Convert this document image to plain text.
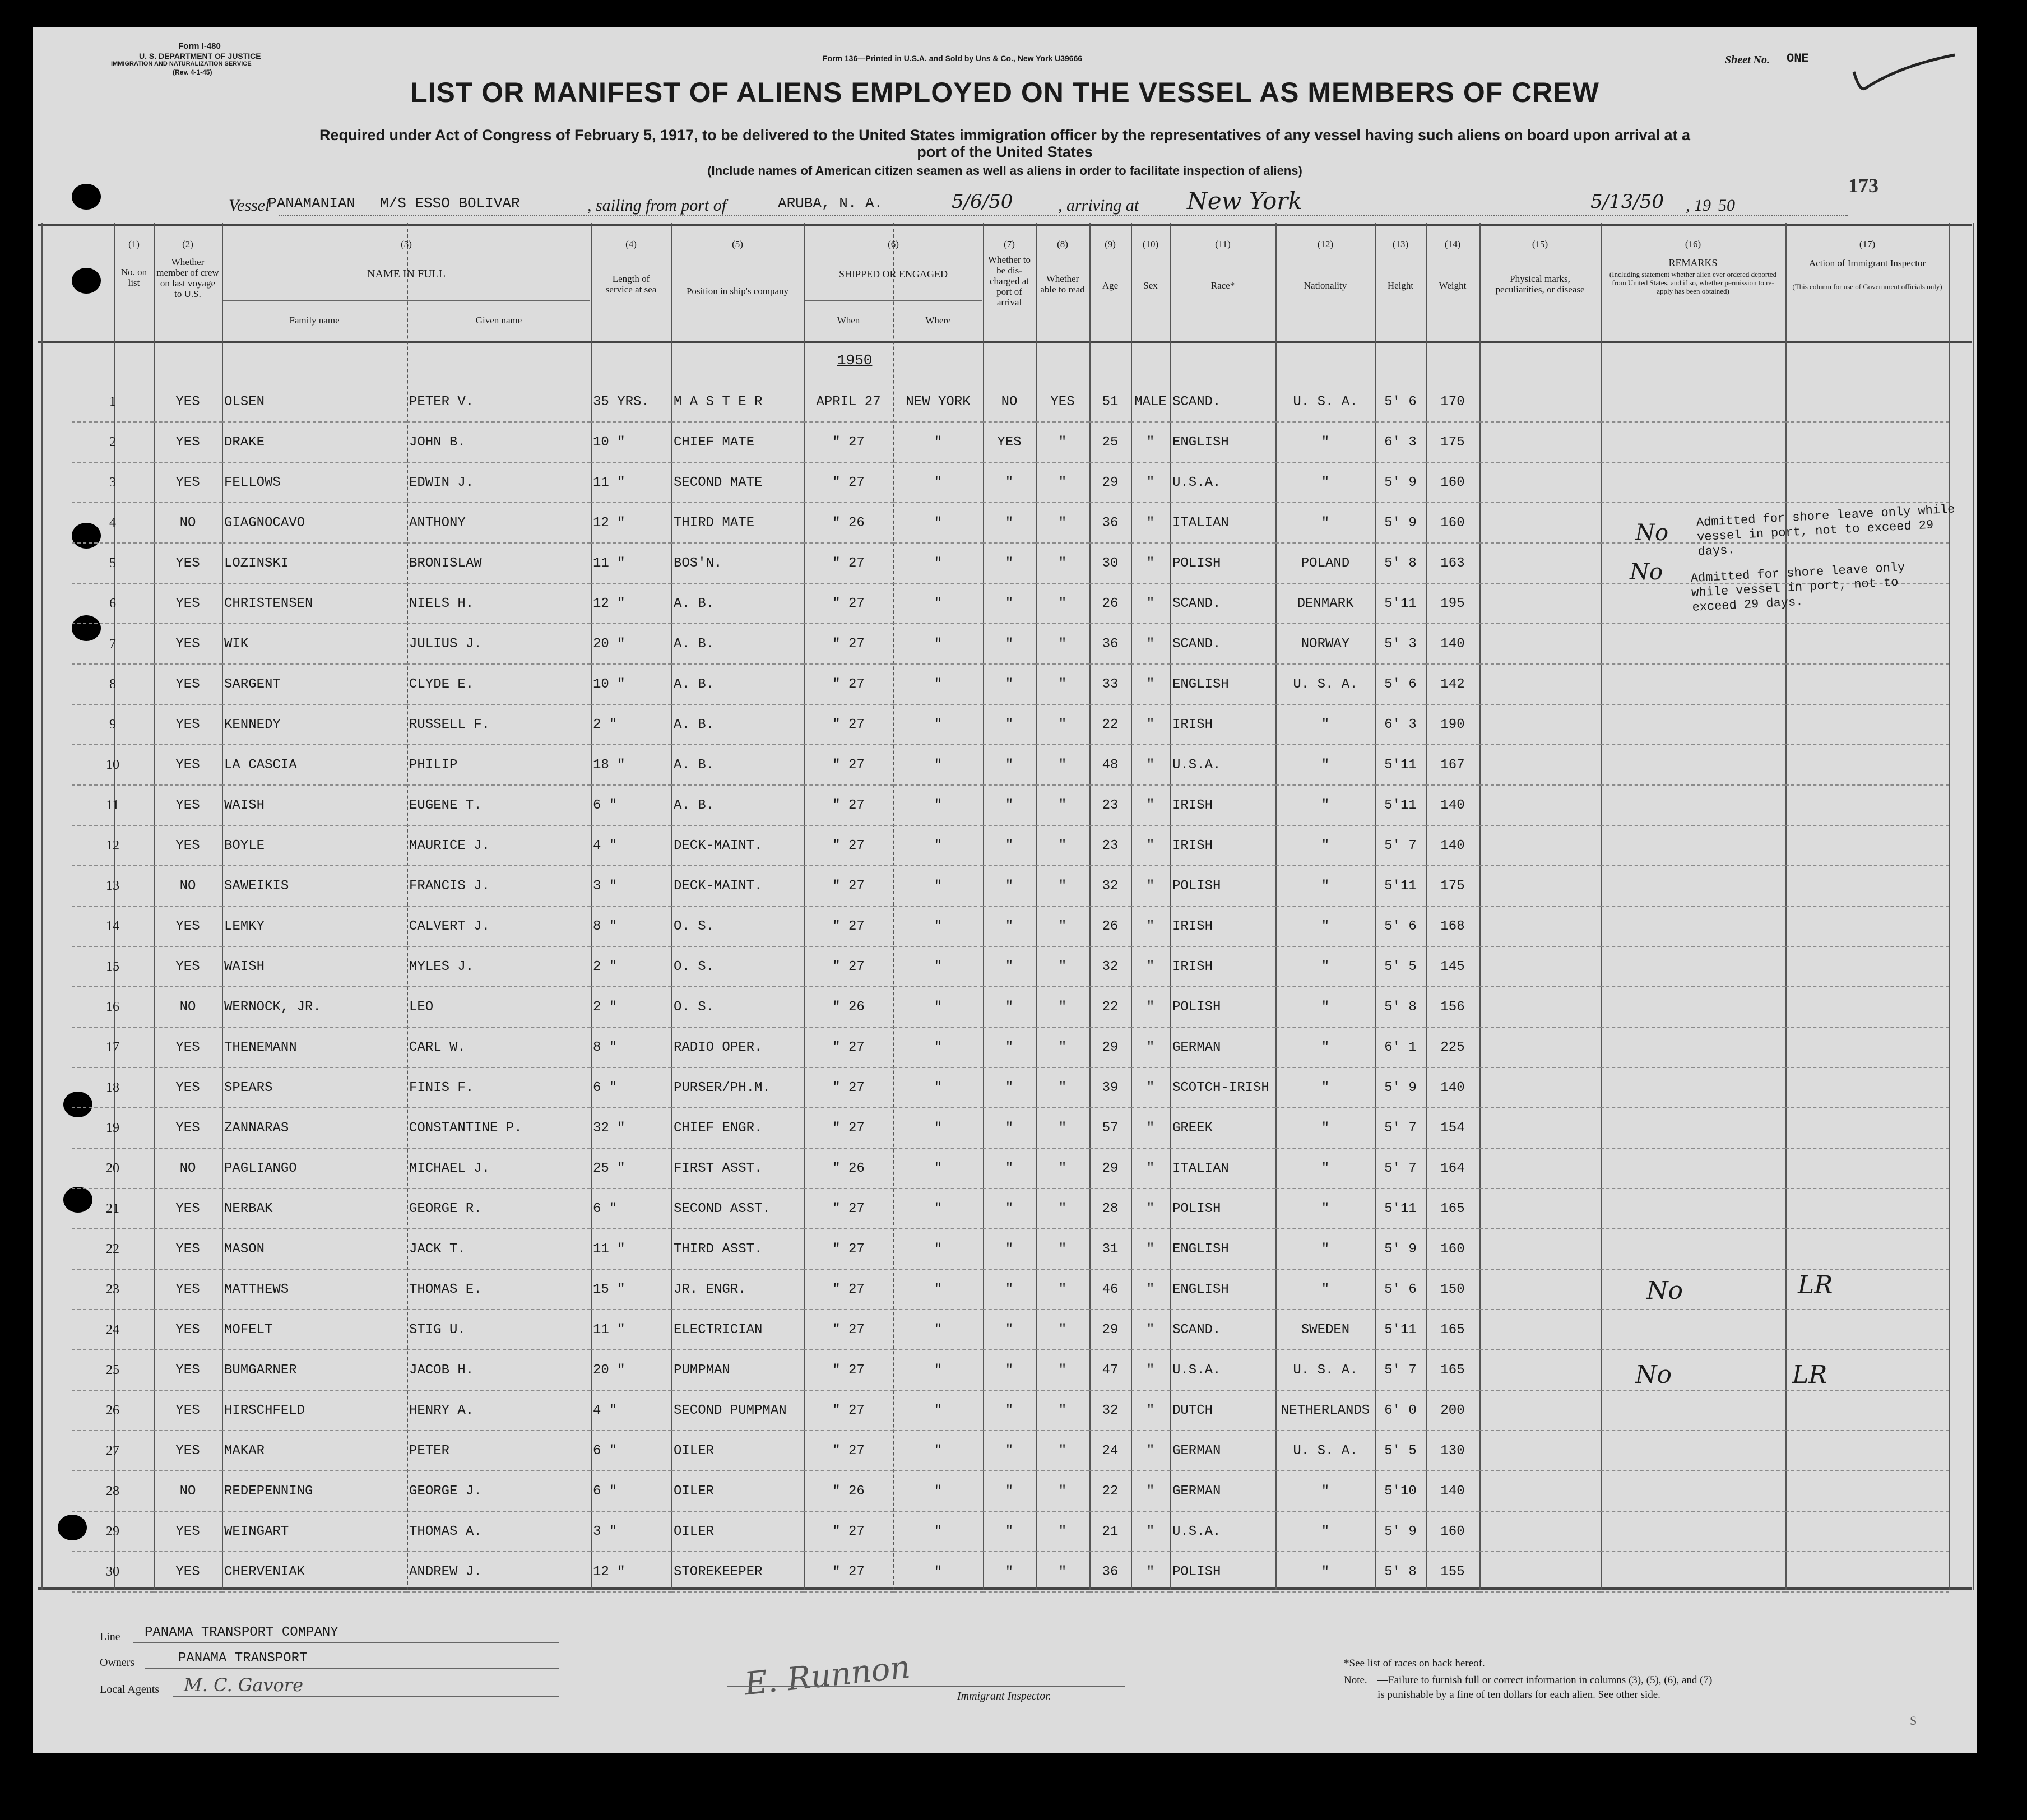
Form I-480
U. S. DEPARTMENT OF JUSTICE
IMMIGRATION AND NATURALIZATION SERVICE
(Rev. 4-1-45)
Form 136—Printed in U.S.A. and Sold by Uns & Co., New York U39666	Sheet No. ONE
LIST OR MANIFEST OF ALIENS EMPLOYED ON THE VESSEL AS MEMBERS OF CREW
Required under Act of Congress of February 5, 1917, to be delivered to the United States immigration officer by the representatives of any vessel having such aliens on board upon arrival at a
port of the United States
(Include names of American citizen seamen as well as aliens in order to facilitate inspection of aliens)
173
Vessel
PANAMANIAN M/S ESSO BOLIVAR	, sailing from port of	ARUBA, N. A.	5/6/50	, arriving at New York	5/13/50 , 19 50
(1)
No. on list
(2)
Whether member of crew on last voyage to U.S.
(3)
NAME IN FULL
Family name	Given name
(4)
Length of service at sea
(5)
Position in ship's company
(6)
SHIPPED OR ENGAGED
When	Where
(7)
Whether to be dis-charged at port of arrival
(8)
Whether able to read
(9)
Age
(10)
Sex
(11)
Race*
(12)
Nationality
(13)
Height
(14)
Weight
(15)
Physical marks, peculiarities, or disease
(16)
REMARKS
(Including statement whether alien ever ordered deported from United States, and if so, whether permission to re-apply has been obtained)
(17)
Action of Immigrant Inspector
(This column for use of Government officials only)
1950
1	YES	OLSEN	PETER V.	35 YRS.	M A S T E R	APRIL 27	NEW YORK	NO	YES	51	MALE	SCAND.	U. S. A.	5' 6	170			
2	YES	DRAKE	JOHN B.	10 "	CHIEF MATE	" 27	"	YES	"	25	"	ENGLISH	"	6' 3	175			
3	YES	FELLOWS	EDWIN J.	11 "	SECOND MATE	" 27	"	"	"	29	"	U.S.A.	"	5' 9	160			
4	NO	GIAGNOCAVO	ANTHONY	12 "	THIRD MATE	" 26	"	"	"	36	"	ITALIAN	"	5' 9	160			
5	YES	LOZINSKI	BRONISLAW	11 "	BOS'N.	" 27	"	"	"	30	"	POLISH	POLAND	5' 8	163			
6	YES	CHRISTENSEN	NIELS H.	12 "	A. B.	" 27	"	"	"	26	"	SCAND.	DENMARK	5'11	195			
7	YES	WIK	JULIUS J.	20 "	A. B.	" 27	"	"	"	36	"	SCAND.	NORWAY	5' 3	140			
8	YES	SARGENT	CLYDE E.	10 "	A. B.	" 27	"	"	"	33	"	ENGLISH	U. S. A.	5' 6	142			
9	YES	KENNEDY	RUSSELL F.	2 "	A. B.	" 27	"	"	"	22	"	IRISH	"	6' 3	190			
10	YES	LA CASCIA	PHILIP	18 "	A. B.	" 27	"	"	"	48	"	U.S.A.	"	5'11	167			
11	YES	WAISH	EUGENE T.	6 "	A. B.	" 27	"	"	"	23	"	IRISH	"	5'11	140			
12	YES	BOYLE	MAURICE J.	4 "	DECK-MAINT.	" 27	"	"	"	23	"	IRISH	"	5' 7	140			
13	NO	SAWEIKIS	FRANCIS J.	3 "	DECK-MAINT.	" 27	"	"	"	32	"	POLISH	"	5'11	175			
14	YES	LEMKY	CALVERT J.	8 "	O. S.	" 27	"	"	"	26	"	IRISH	"	5' 6	168			
15	YES	WAISH	MYLES J.	2 "	O. S.	" 27	"	"	"	32	"	IRISH	"	5' 5	145			
16	NO	WERNOCK, JR.	LEO	2 "	O. S.	" 26	"	"	"	22	"	POLISH	"	5' 8	156			
17	YES	THENEMANN	CARL W.	8 "	RADIO OPER.	" 27	"	"	"	29	"	GERMAN	"	6' 1	225			
18	YES	SPEARS	FINIS F.	6 "	PURSER/PH.M.	" 27	"	"	"	39	"	SCOTCH-IRISH	"	5' 9	140			
19	YES	ZANNARAS	CONSTANTINE P.	32 "	CHIEF ENGR.	" 27	"	"	"	57	"	GREEK	"	5' 7	154			
20	NO	PAGLIANGO	MICHAEL J.	25 "	FIRST ASST.	" 26	"	"	"	29	"	ITALIAN	"	5' 7	164			
21	YES	NERBAK	GEORGE R.	6 "	SECOND ASST.	" 27	"	"	"	28	"	POLISH	"	5'11	165			
22	YES	MASON	JACK T.	11 "	THIRD ASST.	" 27	"	"	"	31	"	ENGLISH	"	5' 9	160			
23	YES	MATTHEWS	THOMAS E.	15 "	JR. ENGR.	" 27	"	"	"	46	"	ENGLISH	"	5' 6	150			
24	YES	MOFELT	STIG U.	11 "	ELECTRICIAN	" 27	"	"	"	29	"	SCAND.	SWEDEN	5'11	165			
25	YES	BUMGARNER	JACOB H.	20 "	PUMPMAN	" 27	"	"	"	47	"	U.S.A.	U. S. A.	5' 7	165			
26	YES	HIRSCHFELD	HENRY A.	4 "	SECOND PUMPMAN	" 27	"	"	"	32	"	DUTCH	NETHERLANDS	6' 0	200			
27	YES	MAKAR	PETER	6 "	OILER	" 27	"	"	"	24	"	GERMAN	U. S. A.	5' 5	130			
28	NO	REDEPENNING	GEORGE J.	6 "	OILER	" 26	"	"	"	22	"	GERMAN	"	5'10	140			
29	YES	WEINGART	THOMAS A.	3 "	OILER	" 27	"	"	"	21	"	U.S.A.	"	5' 9	160			
30	YES	CHERVENIAK	ANDREW J.	12 "	STOREKEEPER	" 27	"	"	"	36	"	POLISH	"	5' 8	155			
Admitted for shore leave only while vessel in port, not to exceed 29 days.
Admitted for shore leave only while vessel in port, not to exceed 29 days.
No
No
No	LR
No	LR
Line PANAMA TRANSPORT COMPANY
Owners	PANAMA TRANSPORT
Local Agents M. C. Gavore	E. Runnon	Immigrant Inspector.
*See list of races on back hereof.
Note. —Failure to furnish full or correct information in columns (3), (5), (6), and (7)
is punishable by a fine of ten dollars for each alien. See other side.
S
